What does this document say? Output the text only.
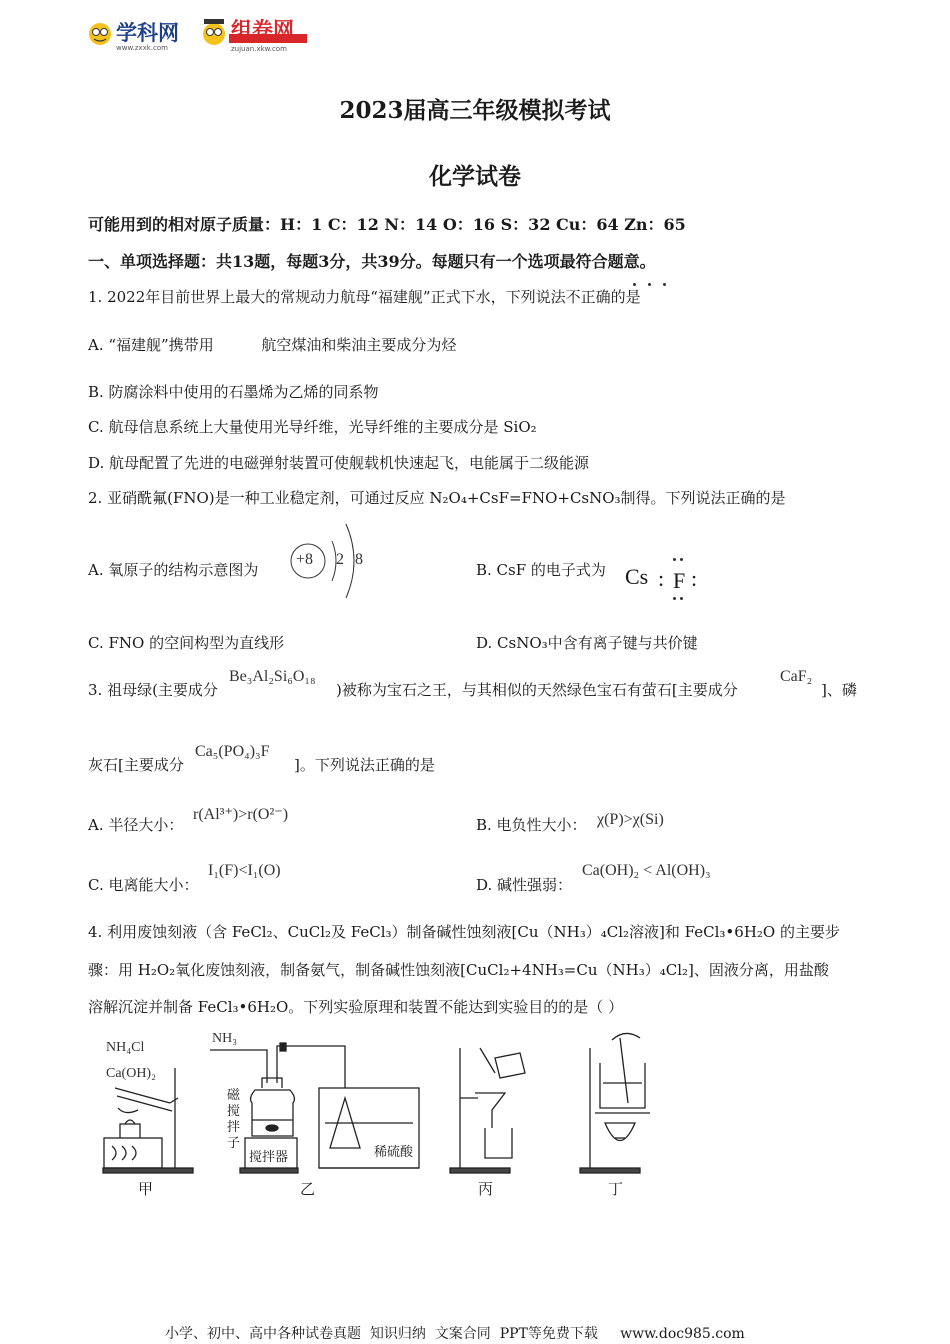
学科网
www.zxxk.com
组卷网
zujuan.xkw.com
2023届高三年级模拟考试
化学试卷
可能用到的相对原子质量：H：1 C：12 N：14 O：16 S：32 Cu：64 Zn：65
一、单项选择题：共13题，每题3分，共39分。每题只有一个选项最符合题意。
1. 2022年目前世界上最大的常规动力航母“福建舰”正式下水，下列说法不正确的是
A. “福建舰”携带用          航空煤油和柴油主要成分为烃
B. 防腐涂料中使用的石墨烯为乙烯的同系物
C. 航母信息系统上大量使用光导纤维，光导纤维的主要成分是 SiO₂
D. 航母配置了先进的电磁弹射装置可使舰载机快速起飞，电能属于二级能源
2. 亚硝酰氟(FNO)是一种工业稳定剂，可通过反应 N₂O₄+CsF=FNO+CsNO₃制得。下列说法正确的是
A. 氧原子的结构示意图为
+8 2 8
B. CsF 的电子式为 Cs : F :
C. FNO 的空间构型为直线形	D. CsNO₃中含有离子键与共价键
3. 祖母绿(主要成分
Be₃Al₂Si₆O₁₈
)被称为宝石之王，与其相似的天然绿色宝石有萤石[主要成分
CaF₂
]、磷
灰石[主要成分
Ca₅(PO₄)₃F
]。下列说法正确的是
A. 半径大小：
r(Al³⁺)>r(O²⁻)
B. 电负性大小： χ(P)>χ(Si)
C. 电离能大小：
I₁(F)<I₁(O)
D. 碱性强弱：
Ca(OH)₂ < Al(OH)₃
4. 利用废蚀刻液（含 FeCl₂、CuCl₂及 FeCl₃）制备碱性蚀刻液[Cu（NH₃）₄Cl₂溶液]和 FeCl₃•6H₂O 的主要步
骤：用 H₂O₂氧化废蚀刻液，制备氨气，制备碱性蚀刻液[CuCl₂+4NH₃=Cu（NH₃）₄Cl₂]、固液分离，用盐酸
溶解沉淀并制备 FeCl₃•6H₂O。下列实验原理和装置不能达到实验目的的是（ ）
NH₄Cl
Ca(OH)₂
NH₃
磁搅拌子
搅拌器	稀硫酸
甲	乙	丙	丁
小学、初中、高中各种试卷真题  知识归纳  文案合同  PPT等免费下载     www.doc985.com
